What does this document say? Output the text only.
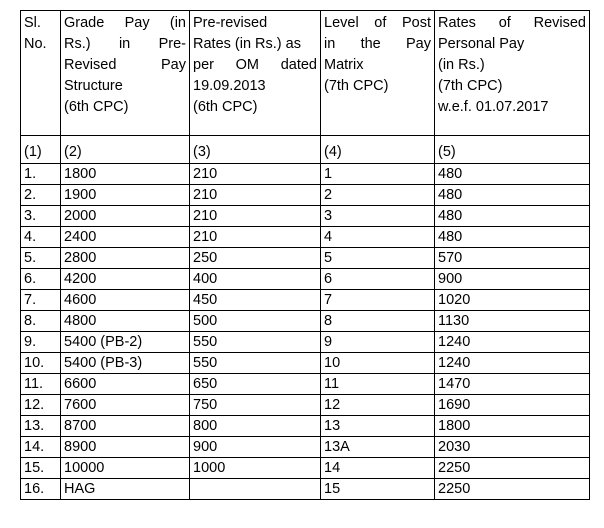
Sl.
No.	Grade Pay (in
Rs.) in Pre-
Revised Pay
Structure
(6th CPC)	Pre-revised
Rates (in Rs.) as
per OM dated
19.09.2013
(6th CPC)	Level of Post
in the Pay
Matrix
(7th CPC)	Rates of Revised
Personal Pay
(in Rs.)
(7th CPC)
w.e.f. 01.07.2017

(1)	(2)	(3)	(4)	(5)
1.	1800	210	1	480
2.	1900	210	2	480
3.	2000	210	3	480
4.	2400	210	4	480
5.	2800	250	5	570
6.	4200	400	6	900
7.	4600	450	7	1020
8.	4800	500	8	1130
9.	5400 (PB-2)	550	9	1240
10.	5400 (PB-3)	550	10	1240
11.	6600	650	11	1470
12.	7600	750	12	1690
13.	8700	800	13	1800
14.	8900	900	13A	2030
15.	10000	1000	14	2250
16.	HAG		15	2250
